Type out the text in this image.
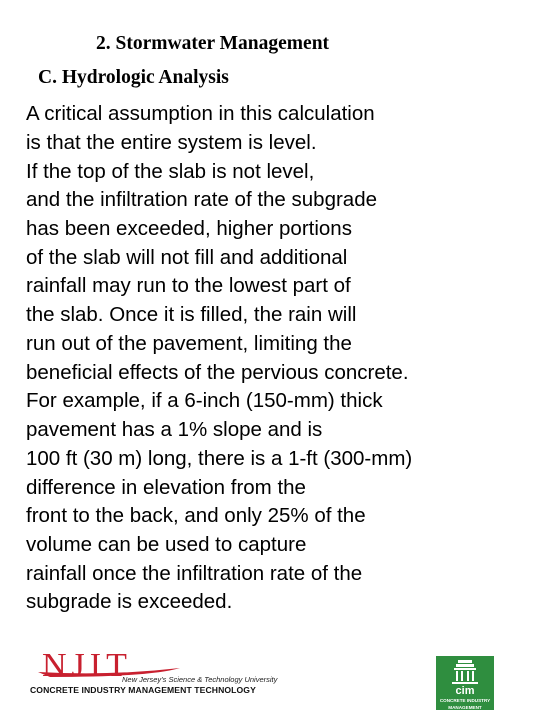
2. Stormwater Management
C. Hydrologic Analysis
A critical assumption in this calculation
is that the entire system is level.
If the top of the slab is not level,
and the infiltration rate of the subgrade
has been exceeded, higher portions
of the slab will not fill and additional
rainfall may run to the lowest part of
the slab. Once it is filled, the rain will
run out of the pavement, limiting the
beneficial effects of the pervious concrete.
For example, if a 6-inch (150-mm) thick
pavement has a 1% slope and is
100 ft (30 m) long, there is a 1-ft (300-mm)
difference in elevation from the
front to the back, and only 25% of the
volume can be used to capture
rainfall once the infiltration rate of the
subgrade is exceeded.
NJIT
New Jersey's Science & Technology University
CONCRETE INDUSTRY MANAGEMENT TECHNOLOGY	cim
CONCRETE INDUSTRY
MANAGEMENT
